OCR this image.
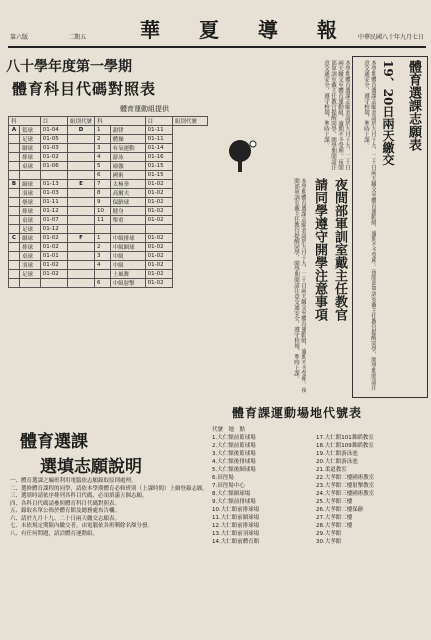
第六版	二期五	華 夏 導 報 中華民國八十年九月七日
八十學年度第一學期
體育科目代碼對照表
體育運動組提供
科		目	組別代號	科		目	組別代號
A	籃球	01-04	D	1	韻律	01-11	
	足球	01-05		2	體操	01-11	
	網球	01-03		3	有氧運動	01-14	
	排球	01-02		4	游泳	01-16	
	桌球	01-06		5	瑜伽	01-15	
				6	國術	01-15	
B	網球	01-13	E	7	太極拳	01-02	
	羽球	01-03		8	高爾夫	01-02	
	壘球	01-11		9	保齡球	01-02	
	排球	01-12		10	健身	01-02	
	桌球	01-07		11	舉重	01-02	
	足球	01-12					
C	網球	01-02	F	1	中級排球	01-02	
	排球	01-02		2	中級網球	01-02	
	桌球	01-01		3	中級	01-02	
	羽球	01-02		4	中級	01-02	
	足球	01-02			土風舞	01-02	
				6	中級射擊	01-02	
體育選課
選填志願說明
一、體育選課之編班利用電腦依志願錄取原則處理。
二、選修體育課程的同學，請依本學期體育必修班別（上課時間）上網登錄志願。
三、選填時請依序排列各科目代碼，必須填滿五個志願。
四、各科目代碼請參照體育科目代碼對照表。
五、錄取名單公佈於體育館及總務處布告欄。
六、請於九月十九、二十日兩天繳交志願表。
七、未依規定期限內繳交者，由電腦依各班剩餘名額分發。
八、有任何問題，請洽體育運動組。
體育選課志願表
19、20日兩天繳交
本學期體育選課志願表請於九月十九、二十日兩天繳交至體育運動組，逾期不予受理。夜間部軍訓室戴主任教官提醒同學，開學期間請注意交通安全，遵守校規，準時上課。
夜間部軍訓室戴主任教官
請同學遵守開學注意事項
本學期體育選課志願表請於九月十九、二十日兩天繳交至體育運動組，逾期不予受理。夜間部軍訓室戴主任教官提醒同學，開學期間請注意交通安全，遵守校規，準時上課。
本學期體育選課志願表請於九月十九、二十日兩天繳交至體育運動組，逾期不予受理。夜間部軍訓室戴主任教官提醒同學，開學期間請注意交通安全，遵守校規，準時上課。
體育課運動場地代號表
代號　地　點
1.大仁館前籃球場	17.大仁館101舞蹈教室
2.大仁館前籃球場	18.大仁館109舞蹈教室
3.大仁館後籃球場	19.大仁館游泳池
4.大仁館後排球場	20.大仁館游泳池
5.大仁館後網球場	21.柔道教室
6.田徑場	22.大孝館二樓國術教室
7.田徑場中心	23.大孝館二樓射擊教室
8.大仁館網球場	24.大孝館三樓國術教室
9.大仁館前排球場	25.大孝館三樓
10.大仁館前排球場	26.大孝館二樓保齡
11.大仁館前網球場	27.大孝館二樓
12.大仁館前排球場	28.大孝館二樓
13.大仁館前羽球場	29.大孝館
14.大仁館前體育館	30.大孝館
